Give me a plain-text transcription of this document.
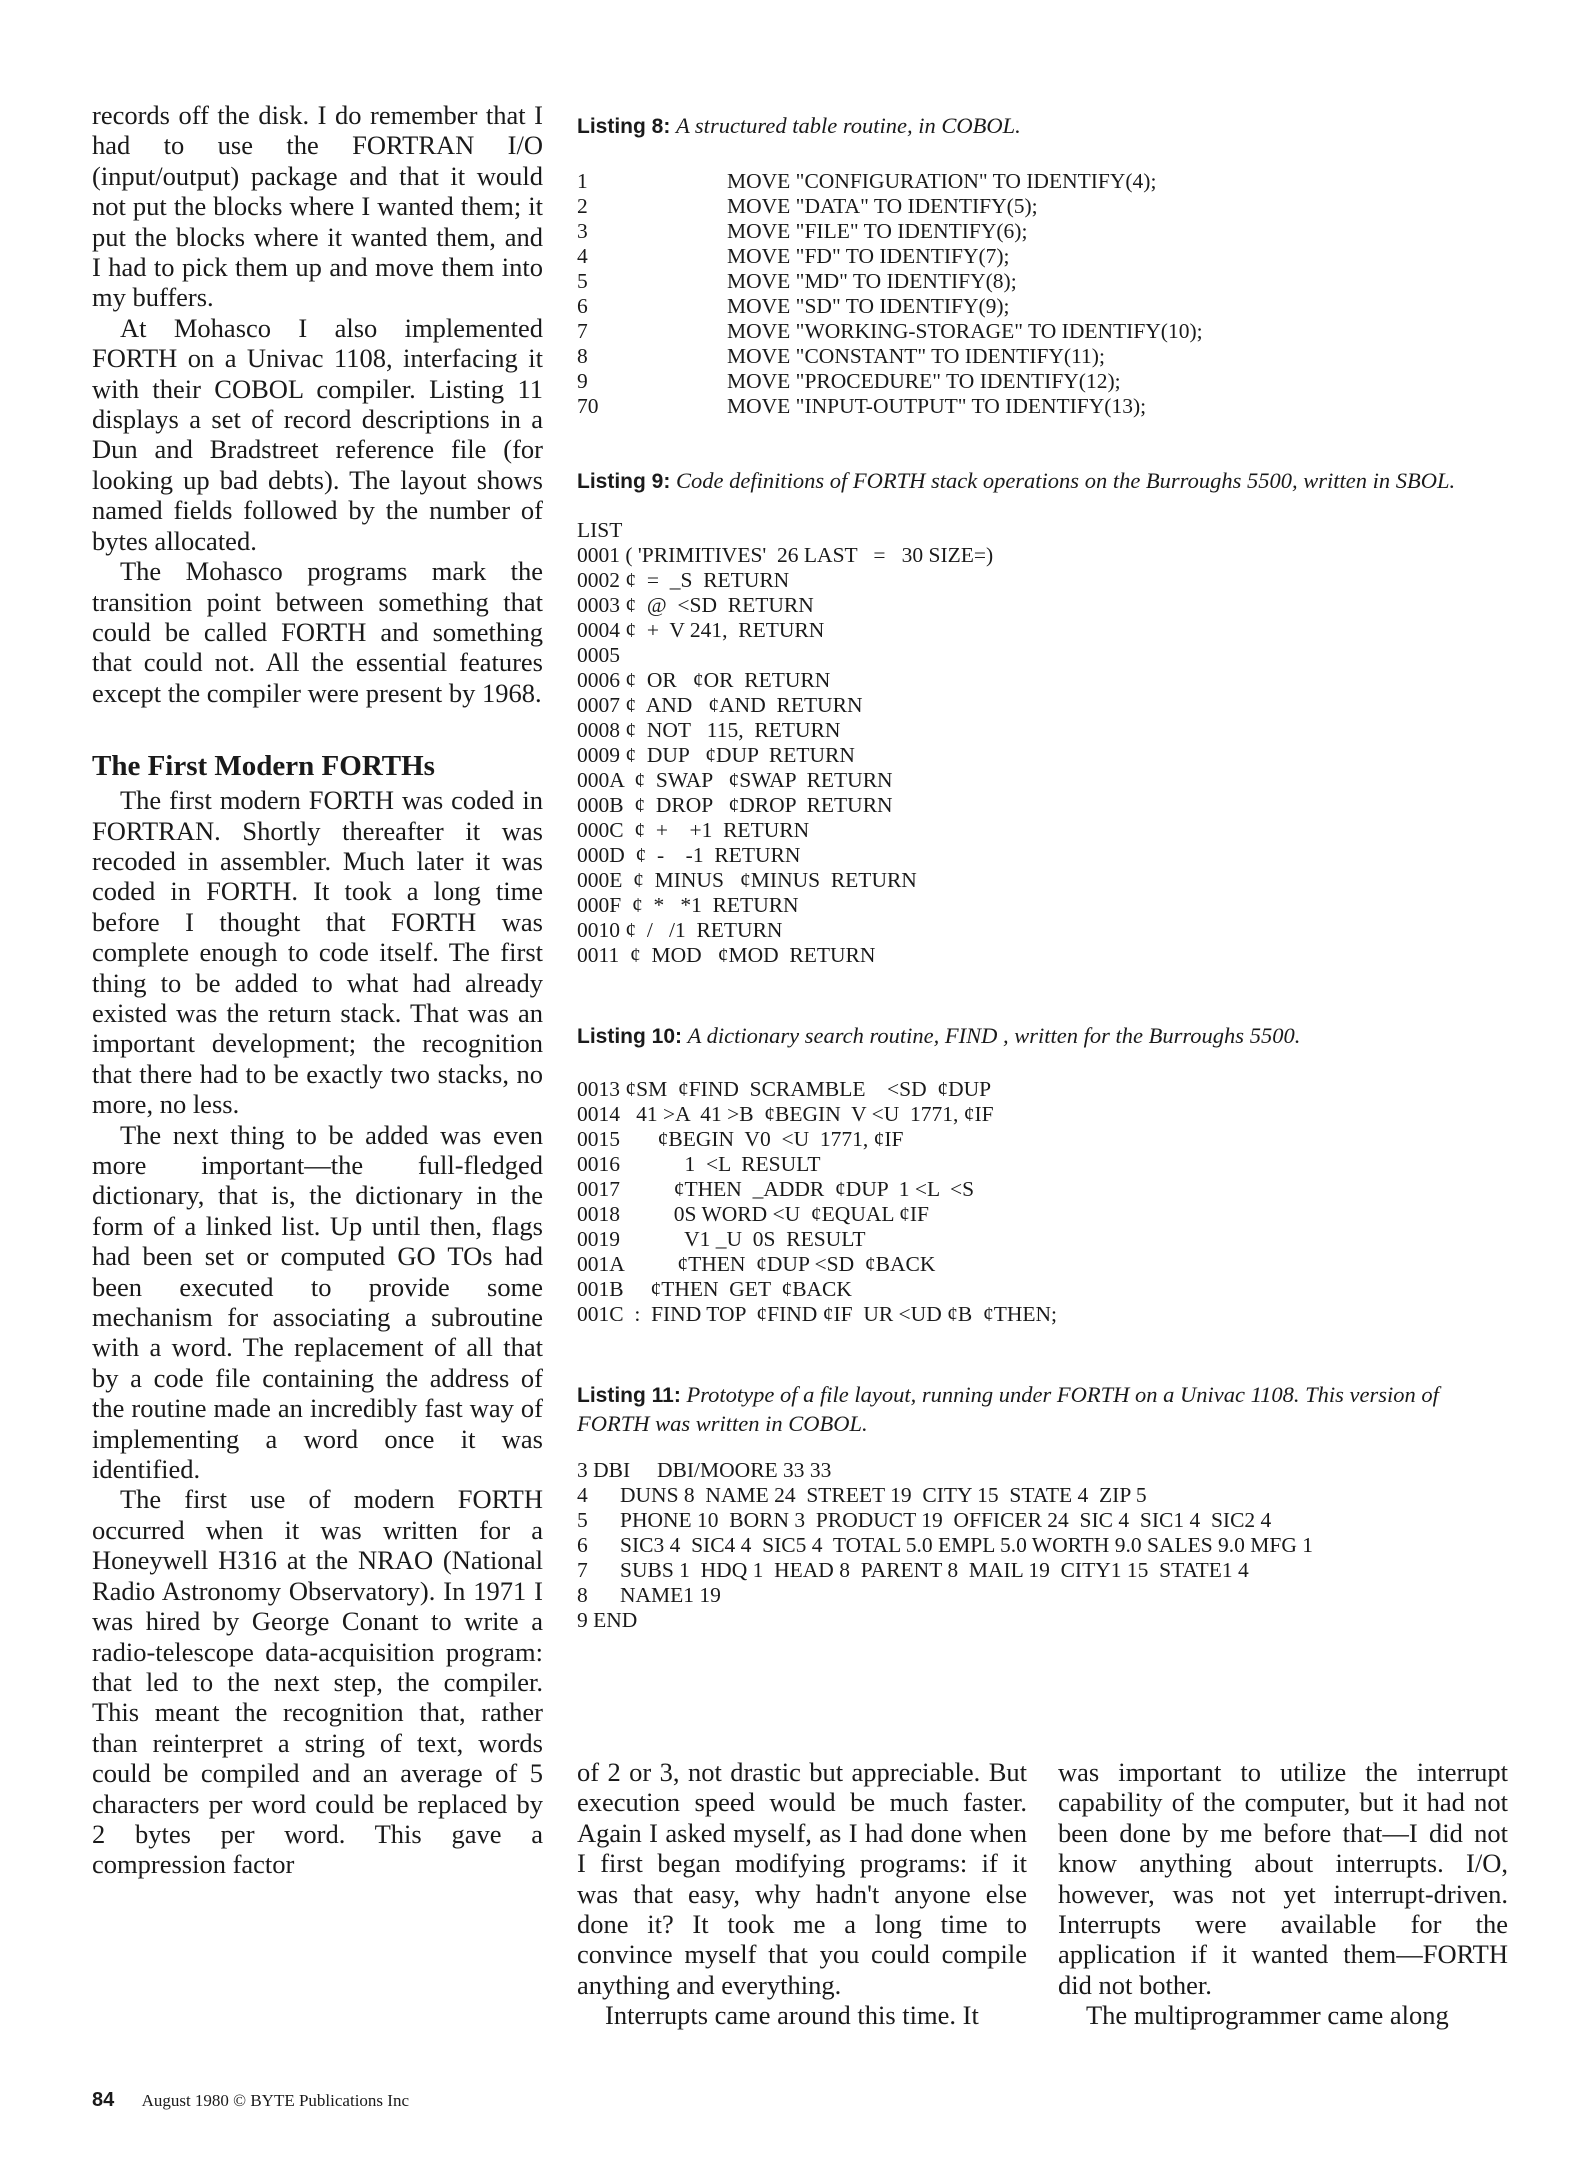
records off the disk. I do remember that I had to use the FORTRAN I/O (input/output) package and that it would not put the blocks where I wanted them; it put the blocks where it wanted them, and I had to pick them up and move them into my buffers.

At Mohasco I also implemented FORTH on a Univac 1108, interfacing it with their COBOL compiler. Listing 11 displays a set of record descriptions in a Dun and Bradstreet reference file (for looking up bad debts). The layout shows named fields followed by the number of bytes allocated.

The Mohasco programs mark the transition point between something that could be called FORTH and something that could not. All the essential features except the compiler were present by 1968.

The First Modern FORTHs

The first modern FORTH was coded in FORTRAN. Shortly thereafter it was recoded in assembler. Much later it was coded in FORTH. It took a long time before I thought that FORTH was complete enough to code itself. The first thing to be added to what had already existed was the return stack. That was an important development; the recognition that there had to be exactly two stacks, no more, no less.

The next thing to be added was even more important—the full-fledged dictionary, that is, the dictionary in the form of a linked list. Up until then, flags had been set or computed GO TOs had been executed to provide some mechanism for associating a subroutine with a word. The replacement of all that by a code file containing the address of the routine made an incredibly fast way of implementing a word once it was identified.

The first use of modern FORTH occurred when it was written for a Honeywell H316 at the NRAO (National Radio Astronomy Observatory). In 1971 I was hired by George Conant to write a radio-telescope data-acquisition program: that led to the next step, the compiler. This meant the recognition that, rather than reinterpret a string of text, words could be compiled and an average of 5 characters per word could be replaced by 2 bytes per word. This gave a compression factor

Listing 8: A structured table routine, in COBOL.

1	MOVE "CONFIGURATION" TO IDENTIFY(4);
2	MOVE "DATA" TO IDENTIFY(5);
3	MOVE "FILE" TO IDENTIFY(6);
4	MOVE "FD" TO IDENTIFY(7);
5	MOVE "MD" TO IDENTIFY(8);
6	MOVE "SD" TO IDENTIFY(9);
7	MOVE "WORKING-STORAGE" TO IDENTIFY(10);
8	MOVE "CONSTANT" TO IDENTIFY(11);
9	MOVE "PROCEDURE" TO IDENTIFY(12);
70	MOVE "INPUT-OUTPUT" TO IDENTIFY(13);

Listing 9: Code definitions of FORTH stack operations on the Burroughs 5500, written in SBOL.

LIST
0001 ( 'PRIMITIVES'  26 LAST   =   30 SIZE=)
0002 ¢  =  _S  RETURN
0003 ¢  @  <SD  RETURN
0004 ¢  +  V 241,  RETURN
0005
0006 ¢  OR   ¢OR  RETURN
0007 ¢  AND   ¢AND  RETURN
0008 ¢  NOT   115,  RETURN
0009 ¢  DUP   ¢DUP  RETURN
000A  ¢  SWAP   ¢SWAP  RETURN
000B  ¢  DROP   ¢DROP  RETURN
000C  ¢  +    +1  RETURN
000D  ¢  -    -1  RETURN
000E  ¢  MINUS   ¢MINUS  RETURN
000F  ¢  *   *1  RETURN
0010 ¢  /   /1  RETURN
0011  ¢  MOD   ¢MOD  RETURN

Listing 10: A dictionary search routine, FIND , written for the Burroughs 5500.

0013 ¢SM  ¢FIND  SCRAMBLE    <SD  ¢DUP
0014   41 >A  41 >B  ¢BEGIN  V <U  1771, ¢IF
0015       ¢BEGIN  V0  <U  1771, ¢IF
0016            1  <L  RESULT
0017          ¢THEN  _ADDR  ¢DUP  1 <L  <S
0018          0S WORD <U  ¢EQUAL ¢IF
0019            V1 _U  0S  RESULT
001A          ¢THEN  ¢DUP <SD  ¢BACK
001B     ¢THEN  GET  ¢BACK
001C  :  FIND TOP  ¢FIND ¢IF  UR <UD ¢B  ¢THEN;

Listing 11: Prototype of a file layout, running under FORTH on a Univac 1108. This version of FORTH was written in COBOL.

3 DBI     DBI/MOORE 33 33
4      DUNS 8  NAME 24  STREET 19  CITY 15  STATE 4  ZIP 5
5      PHONE 10  BORN 3  PRODUCT 19  OFFICER 24  SIC 4  SIC1 4  SIC2 4
6      SIC3 4  SIC4 4  SIC5 4  TOTAL 5.0 EMPL 5.0 WORTH 9.0 SALES 9.0 MFG 1
7      SUBS 1  HDQ 1  HEAD 8  PARENT 8  MAIL 19  CITY1 15  STATE1 4
8      NAME1 19
9 END

of 2 or 3, not drastic but appreciable. But execution speed would be much faster. Again I asked myself, as I had done when I first began modifying programs: if it was that easy, why hadn't anyone else done it? It took me a long time to convince myself that you could compile anything and everything.

Interrupts came around this time. It

was important to utilize the interrupt capability of the computer, but it had not been done by me before that—I did not know anything about interrupts. I/O, however, was not yet interrupt-driven. Interrupts were available for the application if it wanted them—FORTH did not bother.

The multiprogrammer came along

84 August 1980 © BYTE Publications Inc
